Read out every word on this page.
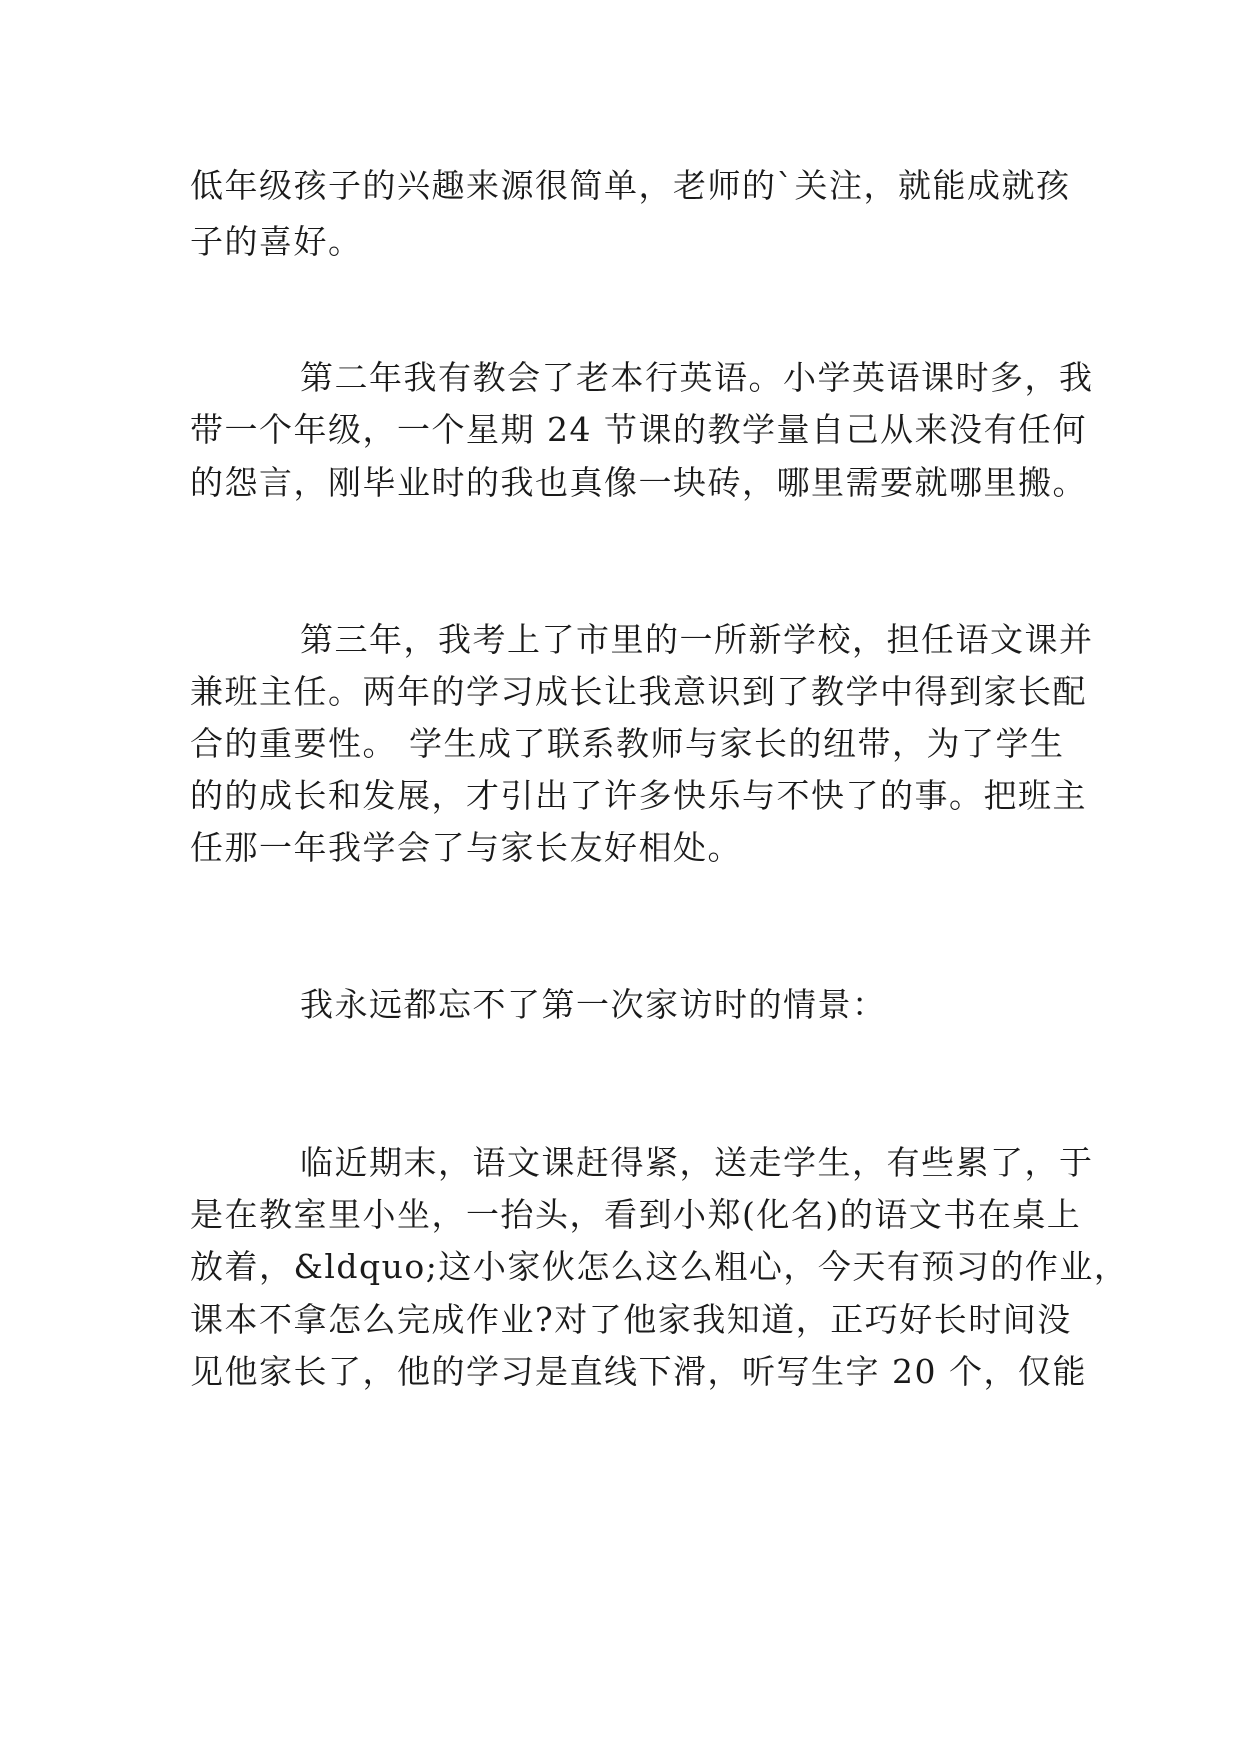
低年级孩子的兴趣来源很简单，老师的`关注，就能成就孩

子的喜好。

第二年我有教会了老本行英语。小学英语课时多，我

带一个年级，一个星期 24 节课的教学量自己从来没有任何

的怨言，刚毕业时的我也真像一块砖，哪里需要就哪里搬。

第三年，我考上了市里的一所新学校，担任语文课并

兼班主任。两年的学习成长让我意识到了教学中得到家长配

合的重要性。 学生成了联系教师与家长的纽带，为了学生

的的成长和发展，才引出了许多快乐与不快了的事。把班主

任那一年我学会了与家长友好相处。

我永远都忘不了第一次家访时的情景：

临近期末，语文课赶得紧，送走学生，有些累了，于

是在教室里小坐，一抬头，看到小郑(化名)的语文书在桌上

放着，&ldquo;这小家伙怎么这么粗心，今天有预习的作业，

课本不拿怎么完成作业?对了他家我知道，正巧好长时间没

见他家长了，他的学习是直线下滑，听写生字 20 个，仅能
